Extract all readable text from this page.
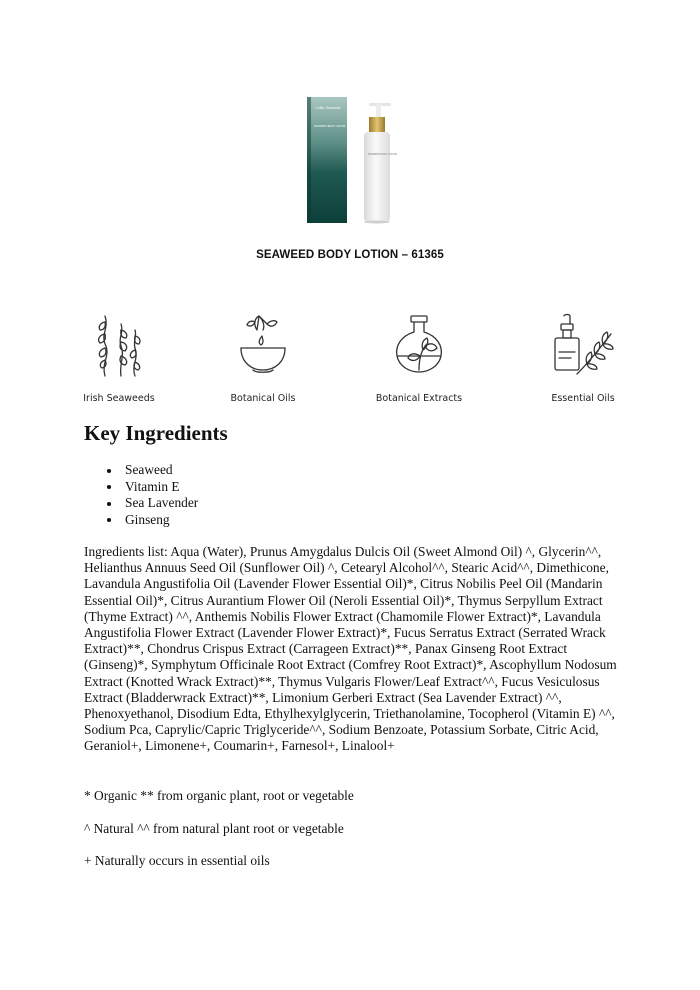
Celtic Seaweed
SEAWEED BODY LOTION
SEAWEED BODY LOTION
SEAWEED BODY LOTION – 61365
Irish Seaweeds	Botanical Oils	Botanical Extracts	Essential Oils
Key Ingredients
Seaweed
Vitamin E
Sea Lavender
Ginseng

Ingredients list: Aqua (Water), Prunus Amygdalus Dulcis Oil (Sweet Almond Oil) ^, Glycerin^^, Helianthus Annuus Seed Oil (Sunflower Oil) ^, Cetearyl Alcohol^^, Stearic Acid^^, Dimethicone, Lavandula Angustifolia Oil (Lavender Flower Essential Oil)*, Citrus Nobilis Peel Oil (Mandarin Essential Oil)*, Citrus Aurantium Flower Oil (Neroli Essential Oil)*, Thymus Serpyllum Extract (Thyme Extract) ^^, Anthemis Nobilis Flower Extract (Chamomile Flower Extract)*, Lavandula Angustifolia Flower Extract (Lavender Flower Extract)*, Fucus Serratus Extract (Serrated Wrack Extract)**, Chondrus Crispus Extract (Carrageen Extract)**, Panax Ginseng Root Extract (Ginseng)*, Symphytum Officinale Root Extract (Comfrey Root Extract)*, Ascophyllum Nodosum Extract (Knotted Wrack Extract)**, Thymus Vulgaris Flower/Leaf Extract^^, Fucus Vesiculosus Extract (Bladderwrack Extract)**, Limonium Gerberi Extract (Sea Lavender Extract) ^^, Phenoxyethanol, Disodium Edta, Ethylhexylglycerin, Triethanolamine, Tocopherol (Vitamin E) ^^, Sodium Pca, Caprylic/Capric Triglyceride^^, Sodium Benzoate, Potassium Sorbate, Citric Acid, Geraniol+, Limonene+, Coumarin+, Farnesol+, Linalool+

* Organic ** from organic plant, root or vegetable

^ Natural ^^ from natural plant root or vegetable

+ Naturally occurs in essential oils
